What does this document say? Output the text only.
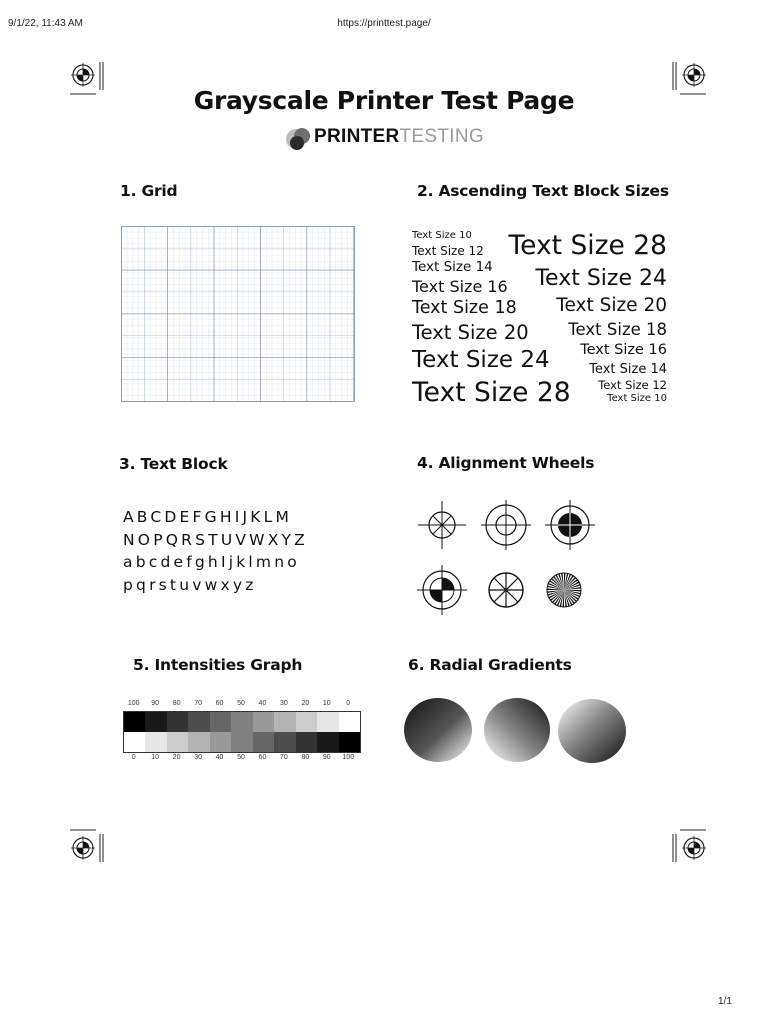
9/1/22, 11:43 AM	https://printtest.page/
Grayscale Printer Test Page
PRINTERTESTING
1. Grid	2. Ascending Text Block Sizes
3. Text Block	4. Alignment Wheels
5. Intensities Graph	6. Radial Gradients
Text Size 10
Text Size 12
Text Size 14
Text Size 16
Text Size 18
Text Size 20
Text Size 24
Text Size 28
Text Size 28
Text Size 24
Text Size 20
Text Size 18
Text Size 16
Text Size 14
Text Size 12
Text Size 10
ABCDEFGHIJKLM
NOPQRSTUVWXYZ
abcdefghIjklmno
pqrstuvwxyz
100	90	80	70	60	50	40	30	20	10	0
0	10	20	30	40	50	60	70	80	90	100
1/1
